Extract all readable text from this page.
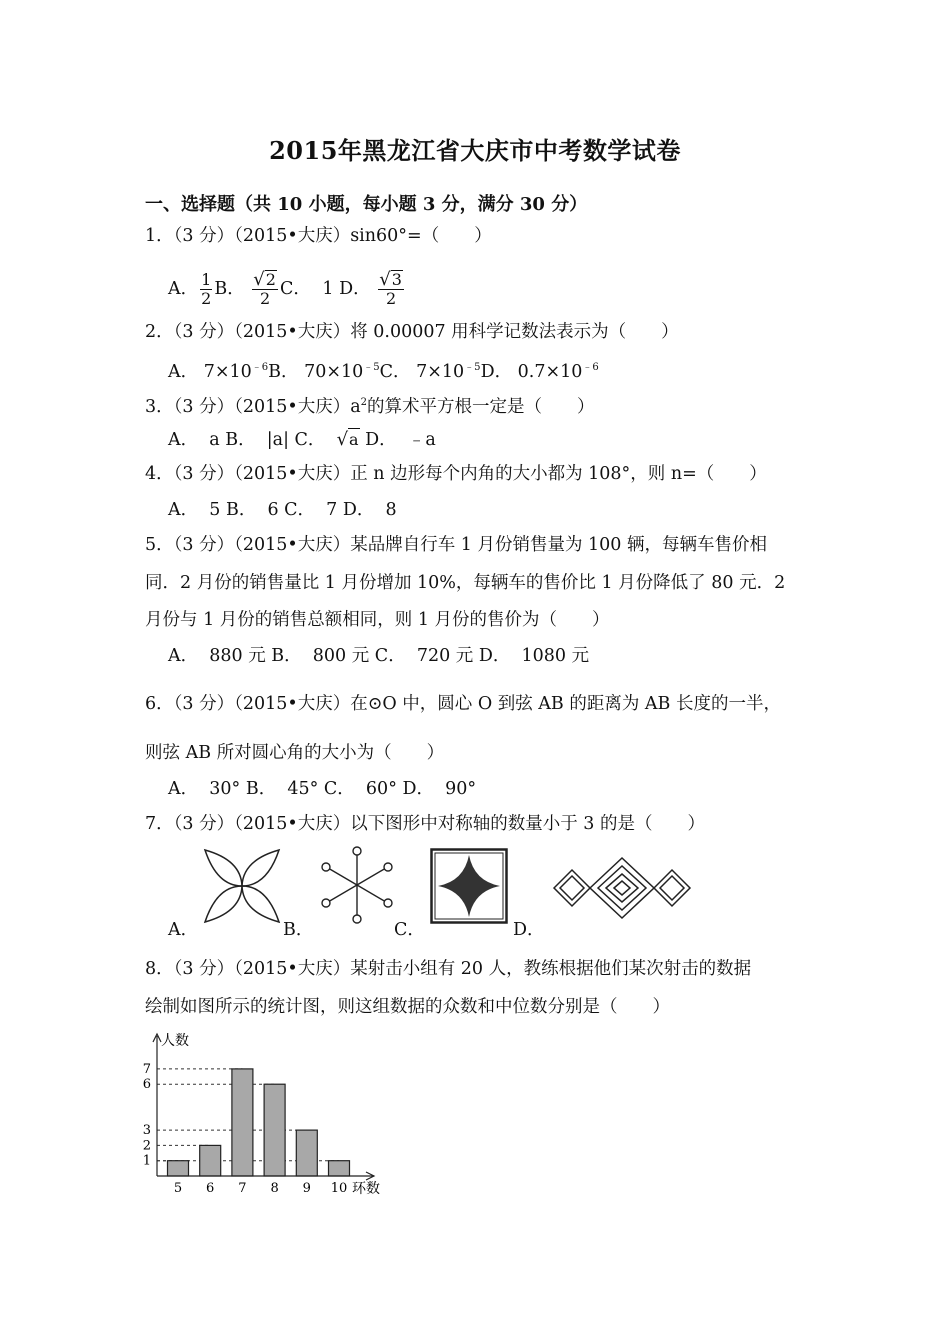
2015年黑龙江省大庆市中考数学试卷
一、选择题（共 10 小题，每小题 3 分，满分 30 分）
1．（3 分）（2015•大庆）sin60°=（　　）
A． $\frac{1}{2}$ B． $\frac{√2}{2}$ C． 1 D． $\frac{√3}{2}$
2．（3 分）（2015•大庆）将 0.00007 用科学记数法表示为（　　）
A． $7\times 10^{﹣6}B$． $70\times 10^{﹣5}C$． $7\times 10^{﹣5}D$． $0.7\times 10^{﹣6}$
3．（3 分）（2015•大庆）$a^2$的算术平方根一定是（　　）
A．  a B．  |a| C．  √a D．  ﹣a
4．（3 分）（2015•大庆）正 n 边形每个内角的大小都为 108°，则 n=（　　）
A．  5 B．  6 C．  7 D．  8
5．（3 分）（2015•大庆）某品牌自行车 1 月份销售量为 100 辆，每辆车售价相
同．2 月份的销售量比 1 月份增加 10%，每辆车的售价比 1 月份降低了 80 元．2
月份与 1 月份的销售总额相同，则 1 月份的售价为（　　）
A．  880 元 B．  800 元 C．  720 元 D．  1080 元
6．（3 分）（2015•大庆）在⊙O 中，圆心 O 到弦 AB 的距离为 AB 长度的一半，
则弦 AB 所对圆心角的大小为（　　）
A．  30° B．  45° C．  60° D．  90°
7．（3 分）（2015•大庆）以下图形中对称轴的数量小于 3 的是（　　）
A．	B．	C．	D．
8．（3 分）（2015•大庆）某射击小组有 20 人，教练根据他们某次射击的数据
绘制如图所示的统计图，则这组数据的众数和中位数分别是（　　）
1
2
3
6
7
5 6 7 8 9 10
人数
环数
